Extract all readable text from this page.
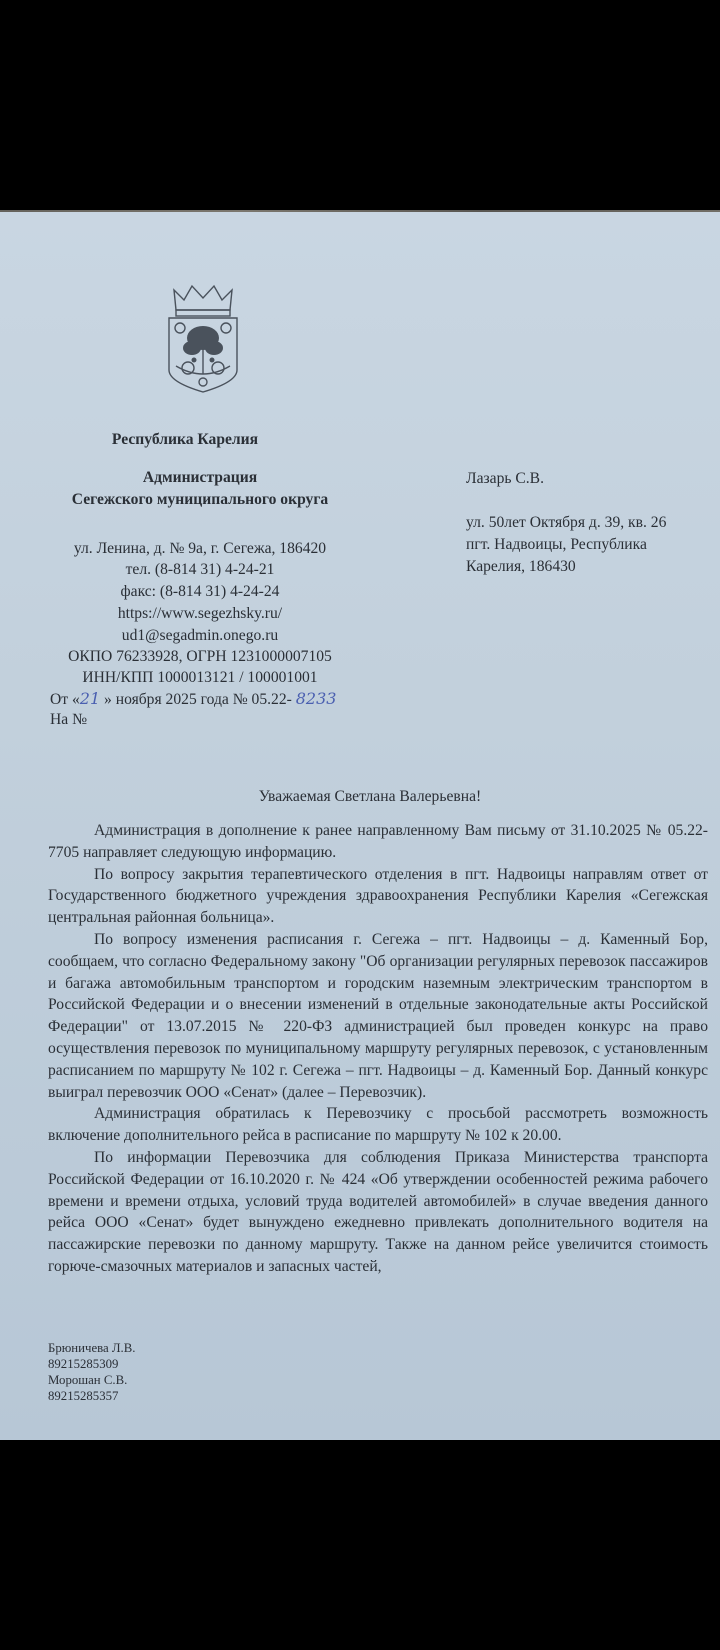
Республика Карелия
Администрация
Сегежского муниципального округа
ул. Ленина, д. № 9а, г. Сегежа, 186420
тел. (8-814 31) 4-24-21
факс: (8-814 31) 4-24-24
https://www.segezhsky.ru/
ud1@segadmin.onego.ru
ОКПО 76233928, ОГРН 1231000007105
ИНН/КПП 1000013121 / 100001001
От «21 » ноября 2025 года № 05.22- 8233
На №
Лазарь С.В.
ул. 50лет Октября д. 39, кв. 26
пгт. Надвоицы, Республика
Карелия, 186430
Уважаемая Светлана Валерьевна!

Администрация в дополнение к ранее направленному Вам письму от 31.10.2025 № 05.22-7705 направляет следующую информацию.

По вопросу закрытия терапевтического отделения в пгт. Надвоицы направлям ответ от Государственного бюджетного учреждения здравоохранения Республики Карелия «Сегежская центральная районная больница».

По вопросу изменения расписания г. Сегежа – пгт. Надвоицы – д. Каменный Бор, сообщаем, что согласно Федеральному закону "Об организации регулярных перевозок пассажиров и багажа автомобильным транспортом и городским наземным электрическим транспортом в Российской Федерации и о внесении изменений в отдельные законодательные акты Российской Федерации" от 13.07.2015 № 220-ФЗ администрацией был проведен конкурс на право осуществления перевозок по муниципальному маршруту регулярных перевозок, с установленным расписанием по маршруту № 102 г. Сегежа – пгт. Надвоицы – д. Каменный Бор. Данный конкурс выиграл перевозчик ООО «Сенат» (далее – Перевозчик).

Администрация обратилась к Перевозчику с просьбой рассмотреть возможность включение дополнительного рейса в расписание по маршруту № 102 к 20.00.

По информации Перевозчика для соблюдения Приказа Министерства транспорта Российской Федерации от 16.10.2020 г. № 424 «Об утверждении особенностей режима рабочего времени и времени отдыха, условий труда водителей автомобилей» в случае введения данного рейса ООО «Сенат» будет вынуждено ежедневно привлекать дополнительного водителя на пассажирские перевозки по данному маршруту. Также на данном рейсе увеличится стоимость горюче-смазочных материалов и запасных частей,

Брюничева Л.В.
89215285309
Морошан С.В.
89215285357
